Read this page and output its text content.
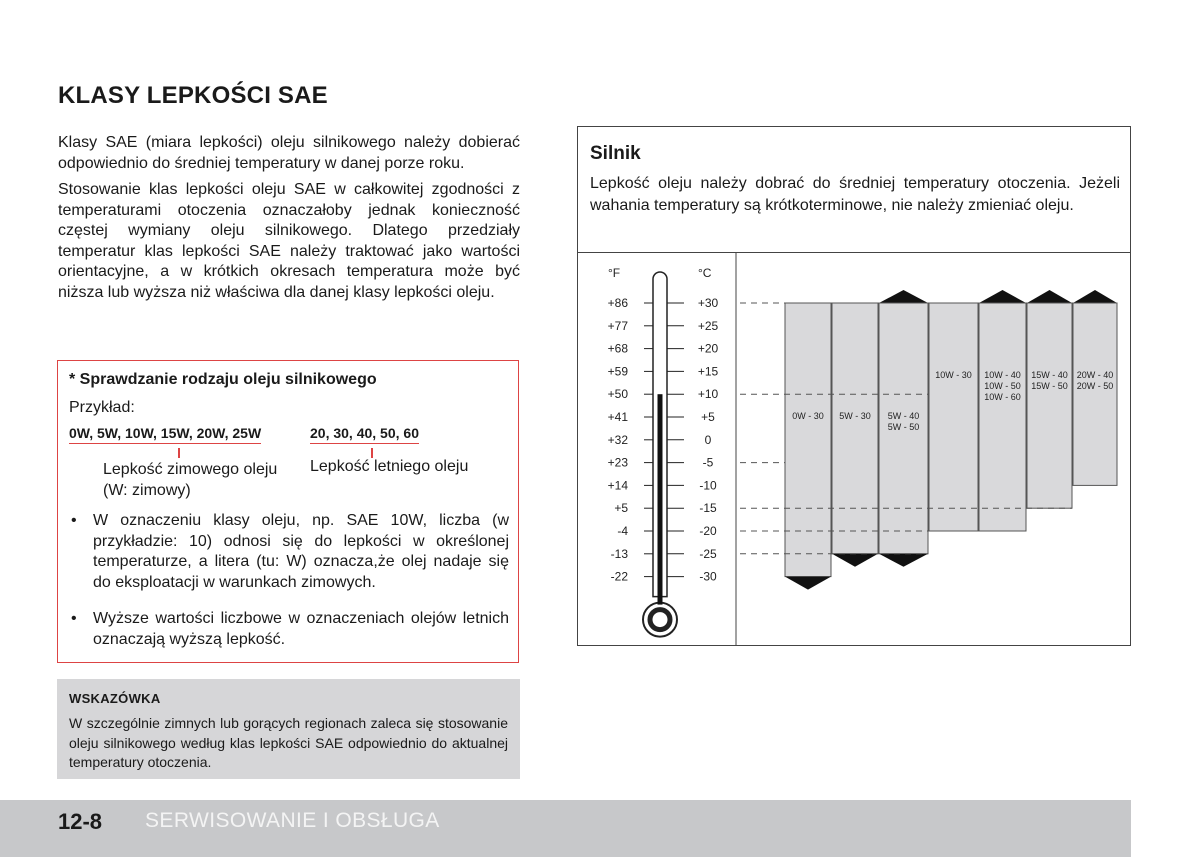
KLASY LEPKOŚCI SAE

Klasy SAE (miara lepkości) oleju silnikowego należy dobierać odpowiednio do średniej temperatury w danej porze roku.

Stosowanie klas lepkości oleju SAE w całkowitej zgodności z temperaturami otoczenia oznaczałoby jednak konieczność częstej wymiany oleju silnikowego. Dlatego przedziały temperatur klas lepkości SAE należy traktować jako wartości orientacyjne, a w krótkich okresach temperatura może być niższa lub wyższa niż właściwa dla danej klasy lepkości oleju.

* Sprawdzanie rodzaju oleju silnikowego
Przykład:
0W, 5W, 10W, 15W, 20W, 25W	20, 30, 40, 50, 60
Lepkość zimowego oleju (W: zimowy)
Lepkość letniego oleju
• W oznaczeniu klasy oleju, np. SAE 10W, liczba (w przykładzie: 10) odnosi się do lepkości w określonej temperaturze, a litera (tu: W) oznacza,że olej nadaje się do eksploatacji w warunkach zimowych.
• Wyższe wartości liczbowe w oznaczeniach olejów letnich oznaczają wyższą lepkość.
WSKAZÓWKA
W szczególnie zimnych lub gorących regionach zaleca się stosowanie oleju silnikowego według klas lepkości SAE odpowiednio do aktualnej temperatury otoczenia.
Silnik
Lepkość oleju należy dobrać do średniej temperatury otoczenia. Jeżeli wahania temperatury są krótkoterminowe, nie należy zmieniać oleju.
°F	°C
+86	+30
+77	+25
+68	+20
+59	+15
+50	+10
+41	+5
+32	0
+23	-5
+14	-10
+5	-15
-4	-20
-13	-25
-22	-30
0W - 30 5W - 30 5W - 40
5W - 50
10W - 30 10W - 40
10W - 50
10W - 60
15W - 40
15W - 50
20W - 40
20W - 50
12-8 SERWISOWANIE I OBSŁUGA
